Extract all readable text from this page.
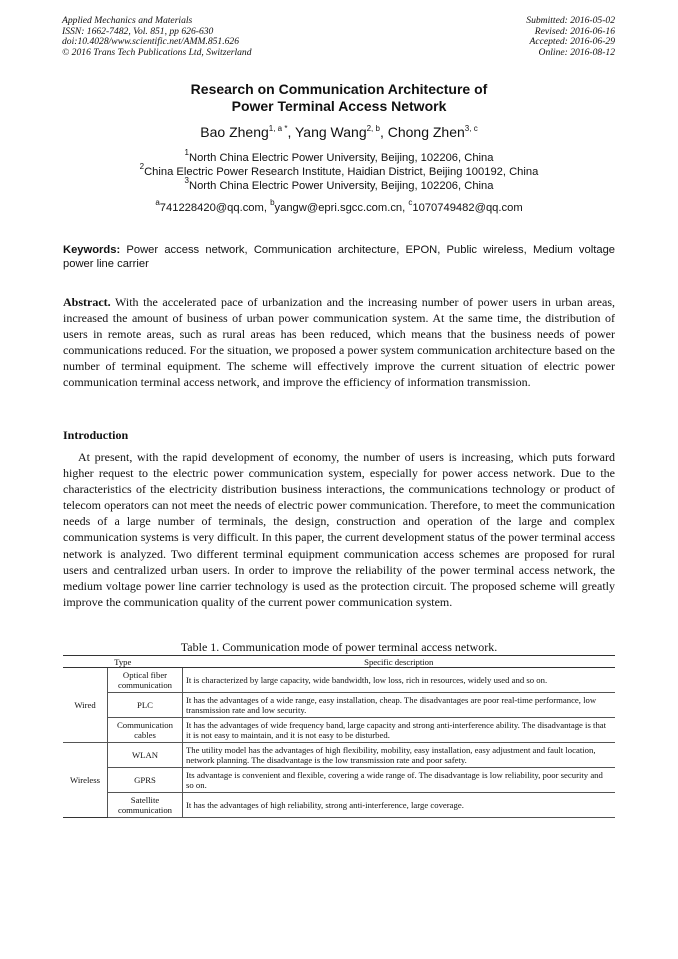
Applied Mechanics and Materials
ISSN: 1662-7482, Vol. 851, pp 626-630
doi:10.4028/www.scientific.net/AMM.851.626
© 2016 Trans Tech Publications Ltd, Switzerland
Submitted: 2016-05-02
Revised: 2016-06-16
Accepted: 2016-06-29
Online: 2016-08-12
Research on Communication Architecture of
Power Terminal Access Network
Bao Zheng$^{1, a *}$, Yang Wang$^{2, b}$, Chong Zhen$^{3, c}$
$^1$North China Electric Power University, Beijing, 102206, China
$^2$China Electric Power Research Institute, Haidian District, Beijing 100192, China
$^3$North China Electric Power University, Beijing, 102206, China
$^a$741228420@qq.com, $^b$yangw@epri.sgcc.com.cn, $^c$1070749482@qq.com
Keywords: Power access network, Communication architecture, EPON, Public wireless, Medium voltage power line carrier
Abstract. With the accelerated pace of urbanization and the increasing number of power users in urban areas, increased the amount of business of urban power communication system. At the same time, the distribution of users in remote areas, such as rural areas has been reduced, which means that the business needs of power communications reduced. For the situation, we proposed a power system communication architecture based on the number of terminal equipment. The scheme will effectively improve the current situation of electric power communication terminal access network, and improve the efficiency of information transmission.
Introduction

At present, with the rapid development of economy, the number of users is increasing, which puts forward higher request to the electric power communication system, especially for power access network. Due to the characteristics of the electricity distribution business interactions, the communications technology or product of telecom operators can not meet the needs of electric power communication. Therefore, to meet the communication needs of a large number of terminals, the design, construction and operation of the large and complex communication systems is very difficult. In this paper, the current development status of the power terminal access network is analyzed. Two different terminal equipment communication access schemes are proposed for rural users and centralized urban users. In order to improve the reliability of the power terminal access network, the medium voltage power line carrier technology is used as the protection circuit. The proposed scheme will greatly improve the communication quality of the current power communication system.

Table 1. Communication mode of power terminal access network.
Type		Specific description
Wired	Optical fiber communication	It is characterized by large capacity, wide bandwidth, low loss, rich in resources, widely used and so on.
	PLC	It has the advantages of a wide range, easy installation, cheap. The disadvantages are poor real-time performance, low transmission rate and low security.
	Communication cables	It has the advantages of wide frequency band, large capacity and strong anti-interference ability. The disadvantage is that it is not easy to maintain, and it is not easy to be disturbed.
Wireless	WLAN	The utility model has the advantages of high flexibility, mobility, easy installation, easy adjustment and fault location, network planning. The disadvantage is the low transmission rate and poor safety.
	GPRS	Its advantage is convenient and flexible, covering a wide range of. The disadvantage is low reliability, poor security and so on.
	Satellite communication	It has the advantages of high reliability, strong anti-interference, large coverage.
